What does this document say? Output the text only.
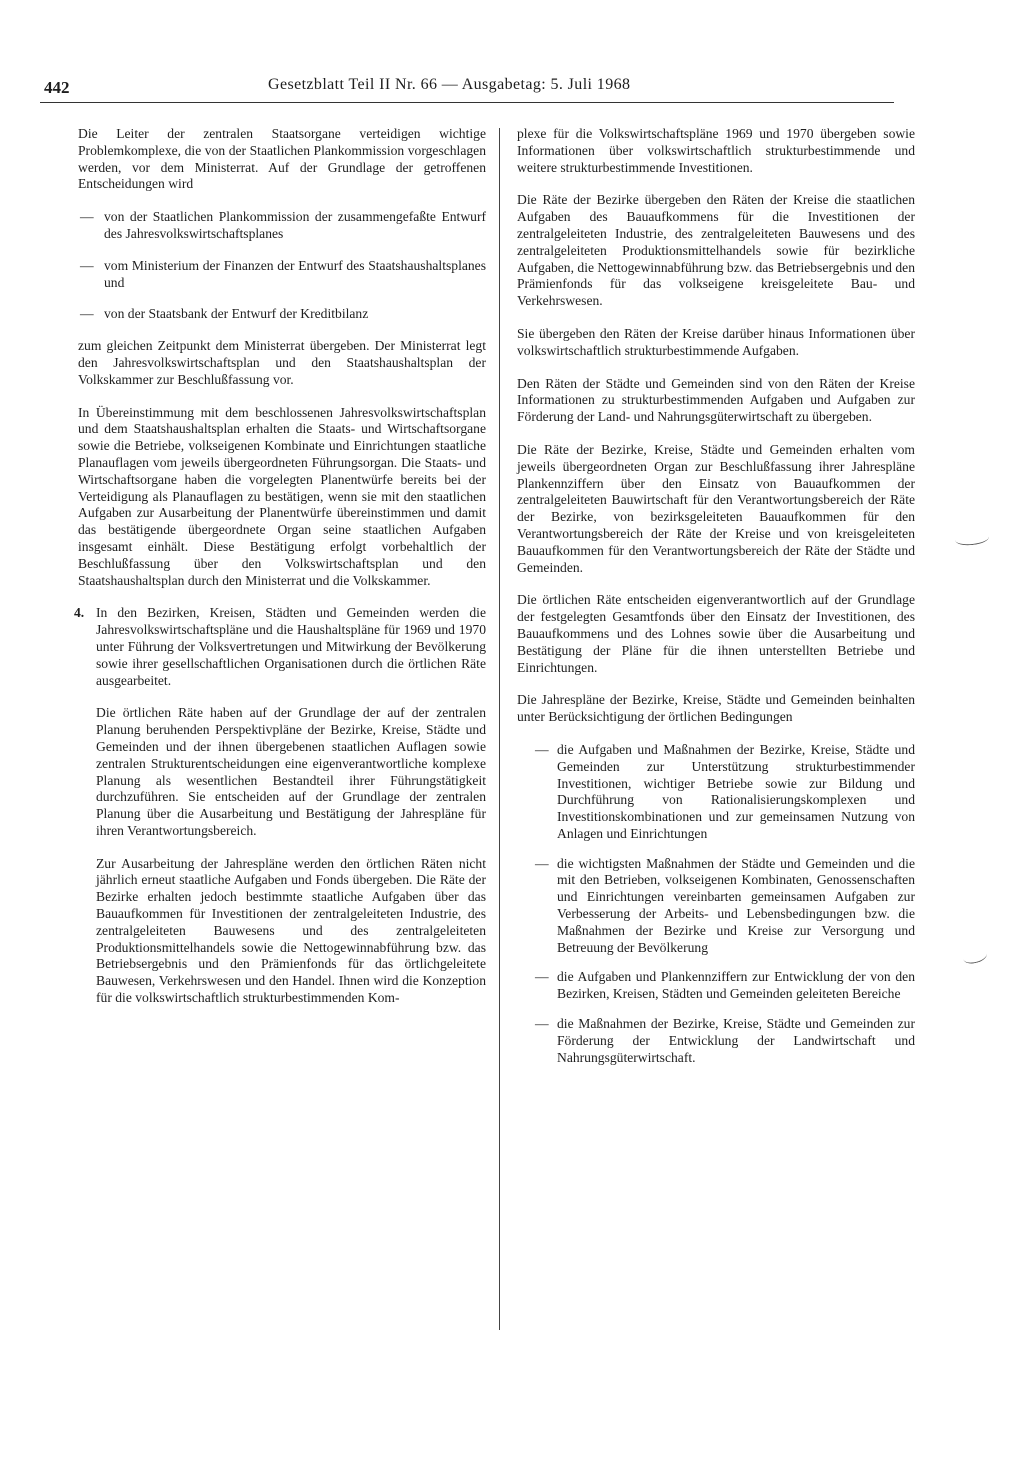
442	Gesetzblatt Teil II Nr. 66 — Ausgabetag: 5. Juli 1968

Die Leiter der zentralen Staatsorgane verteidigen wichtige Problemkomplexe, die von der Staatlichen Plankommission vorgeschlagen werden, vor dem Ministerrat. Auf der Grundlage der getroffenen Entscheidungen wird

— von der Staatlichen Plankommission der zusammengefaßte Entwurf des Jahresvolkswirtschaftsplanes
— vom Ministerium der Finanzen der Entwurf des Staatshaushaltsplanes und
— von der Staatsbank der Entwurf der Kreditbilanz

zum gleichen Zeitpunkt dem Ministerrat übergeben. Der Ministerrat legt den Jahresvolkswirtschaftsplan und den Staatshaushaltsplan der Volkskammer zur Beschlußfassung vor.

In Übereinstimmung mit dem beschlossenen Jahresvolkswirtschaftsplan und dem Staatshaushaltsplan erhalten die Staats- und Wirtschaftsorgane sowie die Betriebe, volkseigenen Kombinate und Einrichtungen staatliche Planauflagen vom jeweils übergeordneten Führungsorgan. Die Staats- und Wirtschaftsorgane haben die vorgelegten Planentwürfe bereits bei der Verteidigung als Planauflagen zu bestätigen, wenn sie mit den staatlichen Aufgaben zur Ausarbeitung der Planentwürfe übereinstimmen und damit das bestätigende übergeordnete Organ seine staatlichen Aufgaben insgesamt einhält. Diese Bestätigung erfolgt vorbehaltlich der Beschlußfassung über den Volkswirtschaftsplan und den Staatshaushaltsplan durch den Ministerrat und die Volkskammer.

4. In den Bezirken, Kreisen, Städten und Gemeinden werden die Jahresvolkswirtschaftspläne und die Haushaltspläne für 1969 und 1970 unter Führung der Volksvertretungen und Mitwirkung der Bevölkerung sowie ihrer gesellschaftlichen Organisationen durch die örtlichen Räte ausgearbeitet.

Die örtlichen Räte haben auf der Grundlage der auf der zentralen Planung beruhenden Perspektivpläne der Bezirke, Kreise, Städte und Gemeinden und der ihnen übergebenen staatlichen Auflagen sowie zentralen Strukturentscheidungen eine eigenverantwortliche komplexe Planung als wesentlichen Bestandteil ihrer Führungstätigkeit durchzuführen. Sie entscheiden auf der Grundlage der zentralen Planung über die Ausarbeitung und Bestätigung der Jahrespläne für ihren Verantwortungsbereich.

Zur Ausarbeitung der Jahrespläne werden den örtlichen Räten nicht jährlich erneut staatliche Aufgaben und Fonds übergeben. Die Räte der Bezirke erhalten jedoch bestimmte staatliche Aufgaben über das Bauaufkommen für Investitionen der zentralgeleiteten Industrie, des zentralgeleiteten Bauwesens und des zentralgeleiteten Produktionsmittelhandels sowie die Nettogewinnabführung bzw. das Betriebsergebnis und den Prämienfonds für das örtlichgeleitete Bauwesen, Verkehrswesen und den Handel. Ihnen wird die Konzeption für die volkswirtschaftlich strukturbestimmenden Kom-

plexe für die Volkswirtschaftspläne 1969 und 1970 übergeben sowie Informationen über volkswirtschaftlich strukturbestimmende und weitere strukturbestimmende Investitionen.

Die Räte der Bezirke übergeben den Räten der Kreise die staatlichen Aufgaben des Bauaufkommens für die Investitionen der zentralgeleiteten Industrie, des zentralgeleiteten Bauwesens und des zentralgeleiteten Produktionsmittelhandels sowie für bezirkliche Aufgaben, die Nettogewinnabführung bzw. das Betriebsergebnis und den Prämienfonds für das volkseigene kreisgeleitete Bau- und Verkehrswesen.

Sie übergeben den Räten der Kreise darüber hinaus Informationen über volkswirtschaftlich strukturbestimmende Aufgaben.

Den Räten der Städte und Gemeinden sind von den Räten der Kreise Informationen zu strukturbestimmenden Aufgaben und Aufgaben zur Förderung der Land- und Nahrungsgüterwirtschaft zu übergeben.

Die Räte der Bezirke, Kreise, Städte und Gemeinden erhalten vom jeweils übergeordneten Organ zur Beschlußfassung ihrer Jahrespläne Plankennziffern über den Einsatz von Bauaufkommen der zentralgeleiteten Bauwirtschaft für den Verantwortungsbereich der Räte der Bezirke, von bezirksgeleiteten Bauaufkommen für den Verantwortungsbereich der Räte der Kreise und von kreisgeleiteten Bauaufkommen für den Verantwortungsbereich der Räte der Städte und Gemeinden.

Die örtlichen Räte entscheiden eigenverantwortlich auf der Grundlage der festgelegten Gesamtfonds über den Einsatz der Investitionen, des Bauaufkommens und des Lohnes sowie über die Ausarbeitung und Bestätigung der Pläne für die ihnen unterstellten Betriebe und Einrichtungen.

Die Jahrespläne der Bezirke, Kreise, Städte und Gemeinden beinhalten unter Berücksichtigung der örtlichen Bedingungen

— die Aufgaben und Maßnahmen der Bezirke, Kreise, Städte und Gemeinden zur Unterstützung strukturbestimmender Investitionen, wichtiger Betriebe sowie zur Bildung und Durchführung von Rationalisierungskomplexen und Investitionskombinationen und zur gemeinsamen Nutzung von Anlagen und Einrichtungen
— die wichtigsten Maßnahmen der Städte und Gemeinden und die mit den Betrieben, volkseigenen Kombinaten, Genossenschaften und Einrichtungen vereinbarten gemeinsamen Aufgaben zur Verbesserung der Arbeits- und Lebensbedingungen bzw. die Maßnahmen der Bezirke und Kreise zur Versorgung und Betreuung der Bevölkerung
— die Aufgaben und Plankennziffern zur Entwicklung der von den Bezirken, Kreisen, Städten und Gemeinden geleiteten Bereiche
— die Maßnahmen der Bezirke, Kreise, Städte und Gemeinden zur Förderung der Entwicklung der Landwirtschaft und Nahrungsgüterwirtschaft.
